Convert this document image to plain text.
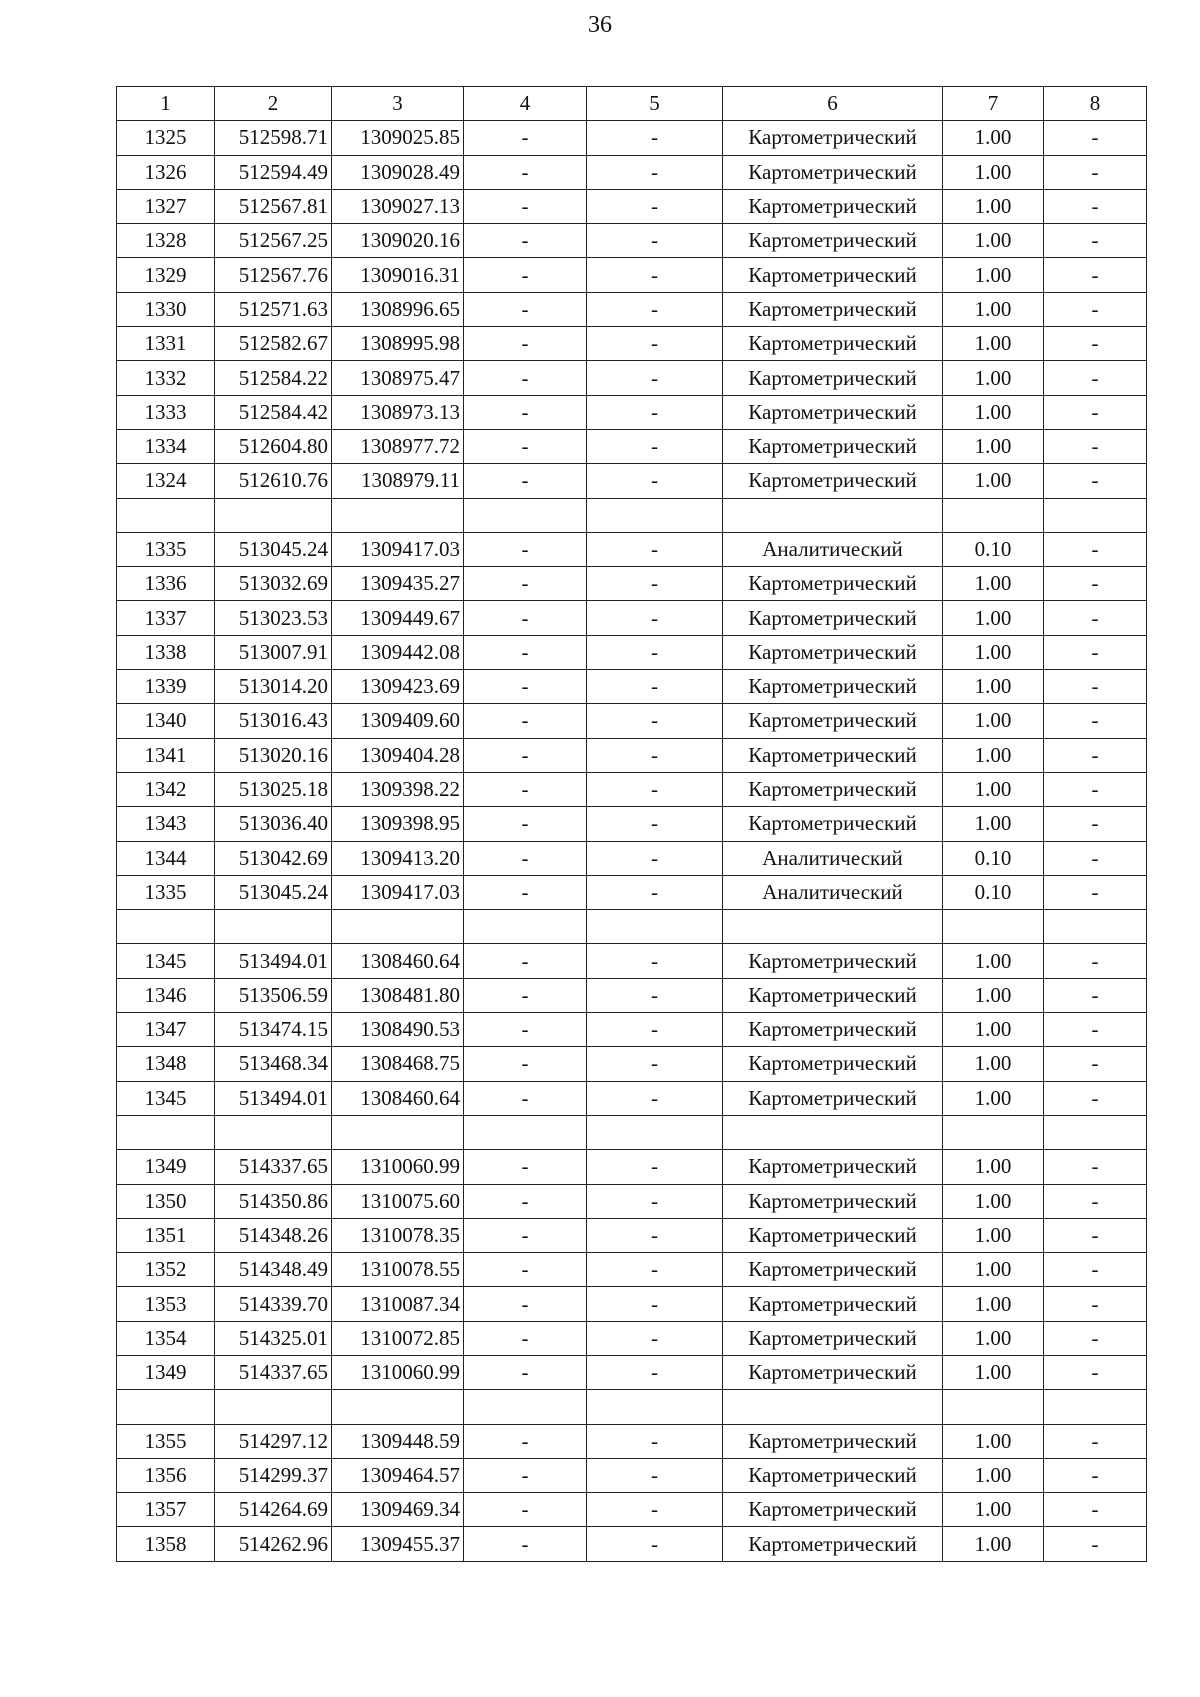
36
1	2	3	4	5	6	7	8
1325	512598.71	1309025.85	-	-	Картометрический	1.00	-
1326	512594.49	1309028.49	-	-	Картометрический	1.00	-
1327	512567.81	1309027.13	-	-	Картометрический	1.00	-
1328	512567.25	1309020.16	-	-	Картометрический	1.00	-
1329	512567.76	1309016.31	-	-	Картометрический	1.00	-
1330	512571.63	1308996.65	-	-	Картометрический	1.00	-
1331	512582.67	1308995.98	-	-	Картометрический	1.00	-
1332	512584.22	1308975.47	-	-	Картометрический	1.00	-
1333	512584.42	1308973.13	-	-	Картометрический	1.00	-
1334	512604.80	1308977.72	-	-	Картометрический	1.00	-
1324	512610.76	1308979.11	-	-	Картометрический	1.00	-

1335	513045.24	1309417.03	-	-	Аналитический	0.10	-
1336	513032.69	1309435.27	-	-	Картометрический	1.00	-
1337	513023.53	1309449.67	-	-	Картометрический	1.00	-
1338	513007.91	1309442.08	-	-	Картометрический	1.00	-
1339	513014.20	1309423.69	-	-	Картометрический	1.00	-
1340	513016.43	1309409.60	-	-	Картометрический	1.00	-
1341	513020.16	1309404.28	-	-	Картометрический	1.00	-
1342	513025.18	1309398.22	-	-	Картометрический	1.00	-
1343	513036.40	1309398.95	-	-	Картометрический	1.00	-
1344	513042.69	1309413.20	-	-	Аналитический	0.10	-
1335	513045.24	1309417.03	-	-	Аналитический	0.10	-

1345	513494.01	1308460.64	-	-	Картометрический	1.00	-
1346	513506.59	1308481.80	-	-	Картометрический	1.00	-
1347	513474.15	1308490.53	-	-	Картометрический	1.00	-
1348	513468.34	1308468.75	-	-	Картометрический	1.00	-
1345	513494.01	1308460.64	-	-	Картометрический	1.00	-

1349	514337.65	1310060.99	-	-	Картометрический	1.00	-
1350	514350.86	1310075.60	-	-	Картометрический	1.00	-
1351	514348.26	1310078.35	-	-	Картометрический	1.00	-
1352	514348.49	1310078.55	-	-	Картометрический	1.00	-
1353	514339.70	1310087.34	-	-	Картометрический	1.00	-
1354	514325.01	1310072.85	-	-	Картометрический	1.00	-
1349	514337.65	1310060.99	-	-	Картометрический	1.00	-

1355	514297.12	1309448.59	-	-	Картометрический	1.00	-
1356	514299.37	1309464.57	-	-	Картометрический	1.00	-
1357	514264.69	1309469.34	-	-	Картометрический	1.00	-
1358	514262.96	1309455.37	-	-	Картометрический	1.00	-
